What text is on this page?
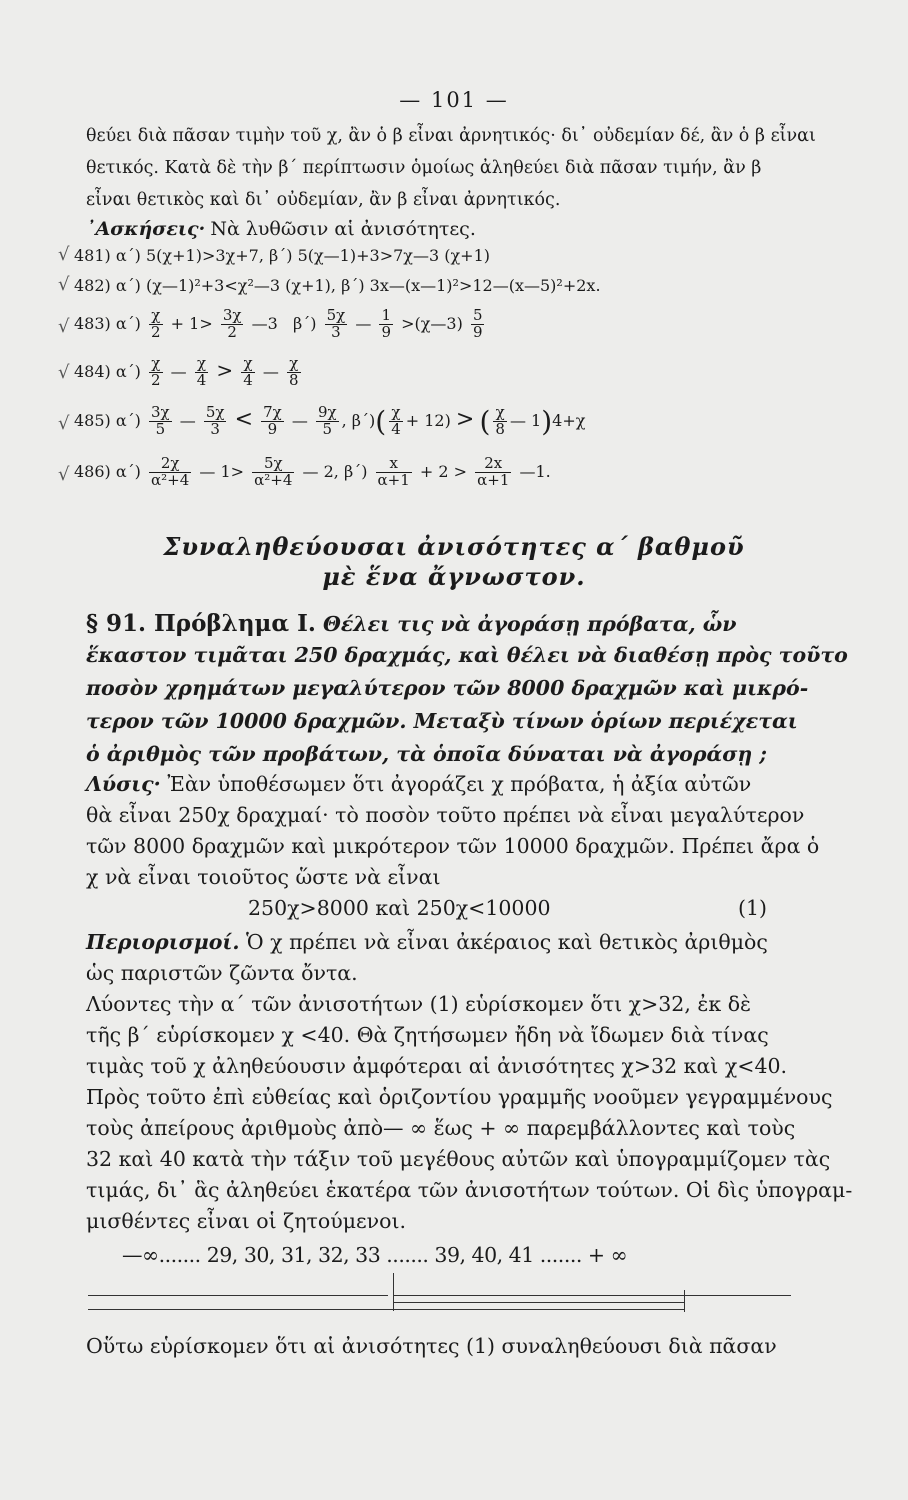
— 101 —
θεύει διὰ πᾶσαν τιμὴν τοῦ χ, ἂν ὁ β εἶναι ἀρνητικός· δι᾽ οὐδεμίαν δέ, ἂν ὁ β εἶναι
θετικός. Κατὰ δὲ τὴν β΄ περίπτωσιν ὁμοίως ἀληθεύει διὰ πᾶσαν τιμήν, ἂν β
εἶναι θετικὸς καὶ δι᾽ οὐδεμίαν, ἂν β εἶναι ἀρνητικός.
᾿Ασκήσεις· Νὰ λυθῶσιν αἱ ἀνισότητες.
√
√
√
√
√
√
481) α΄) 5(χ+1)>3χ+7, β΄) 5(χ—1)+3>7χ—3 (χ+1)
482) α΄) (χ—1)²+3<χ²—3 (χ+1), β΄) 3x—(x—1)²>12—(x—5)²+2x.
483) $\alpha΄) \frac{\chi}{2} + 1> \frac{3\chi}{2}$ —3 $\beta΄) \frac{5\chi}{3}$ — $\frac{1}{9}$ >(χ—3) $\frac{5}{9}$
484) $\alpha΄) \frac{\chi}{2}$ — $\frac{\chi}{4} > \frac{\chi}{4}$ — $\frac{\chi}{8}$
485) $\alpha΄) \frac{3\chi}{5}$ — $\frac{5\chi}{3} < \frac{7\chi}{9}$ — $\frac{9\chi}{5}$ , $\beta΄)( \frac{\chi}{4} + 12)$ > ( $\frac{\chi}{8}$ — 1)4+χ
486) $\alpha΄) \frac{2\chi}{\text{α²+4}}$ — $1> \frac{5\chi}{\text{α²+4}}$ — 2, $\beta΄) \frac{x}{\alpha+1} + 2 > \frac{2x}{\alpha+1}$ —1.
Συναληθεύουσαι ἀνισότητες α΄ βαθμοῦ
μὲ ἕνα ἄγνωστον.
§ 91. Πρόβλημα Ι. Θέλει τις νὰ ἀγοράσῃ πρόβατα, ὧν
ἕκαστον τιμᾶται 250 δραχμάς, καὶ θέλει νὰ διαθέσῃ πρὸς τοῦτο
ποσὸν χρημάτων μεγαλύτερον τῶν 8000 δραχμῶν καὶ μικρό-
τερον τῶν 10000 δραχμῶν. Μεταξὺ τίνων ὁρίων περιέχεται
ὁ ἀριθμὸς τῶν προβάτων, τὰ ὁποῖα δύναται νὰ ἀγοράσῃ ;
Λύσις· Ἐὰν ὑποθέσωμεν ὅτι ἀγοράζει χ πρόβατα, ἡ ἀξία αὐτῶν
θὰ εἶναι 250χ δραχμαί· τὸ ποσὸν τοῦτο πρέπει νὰ εἶναι μεγαλύτερον
τῶν 8000 δραχμῶν καὶ μικρότερον τῶν 10000 δραχμῶν. Πρέπει ἄρα ὁ
χ νὰ εἶναι τοιοῦτος ὥστε νὰ εἶναι
250χ>8000 καὶ 250χ<10000	(1)
Περιορισμοί. Ὁ χ πρέπει νὰ εἶναι ἀκέραιος καὶ θετικὸς ἀριθμὸς
ὡς παριστῶν ζῶντα ὄντα.
Λύοντες τὴν α΄ τῶν ἀνισοτήτων (1) εὑρίσκομεν ὅτι χ>32, ἐκ δὲ
τῆς β΄ εὑρίσκομεν χ <40. Θὰ ζητήσωμεν ἤδη νὰ ἴδωμεν διὰ τίνας
τιμὰς τοῦ χ ἀληθεύουσιν ἀμφότεραι αἱ ἀνισότητες χ>32 καὶ χ<40.
Πρὸς τοῦτο ἐπὶ εὐθείας καὶ ὁριζοντίου γραμμῆς νοοῦμεν γεγραμμένους
τοὺς ἀπείρους ἀριθμοὺς ἀπὸ— ∞ ἕως + ∞ παρεμβάλλοντες καὶ τοὺς
32 καὶ 40 κατὰ τὴν τάξιν τοῦ μεγέθους αὐτῶν καὶ ὑπογραμμίζομεν τὰς
τιμάς, δι᾽ ἃς ἀληθεύει ἑκατέρα τῶν ἀνισοτήτων τούτων. Οἱ δὶς ὑπογραμ-
μισθέντες εἶναι οἱ ζητούμενοι.
—∞....... 29, 30, 31, 32, 33 ....... 39, 40, 41 ....... + ∞
Οὕτω εὑρίσκομεν ὅτι αἱ ἀνισότητες (1) συναληθεύουσι διὰ πᾶσαν
